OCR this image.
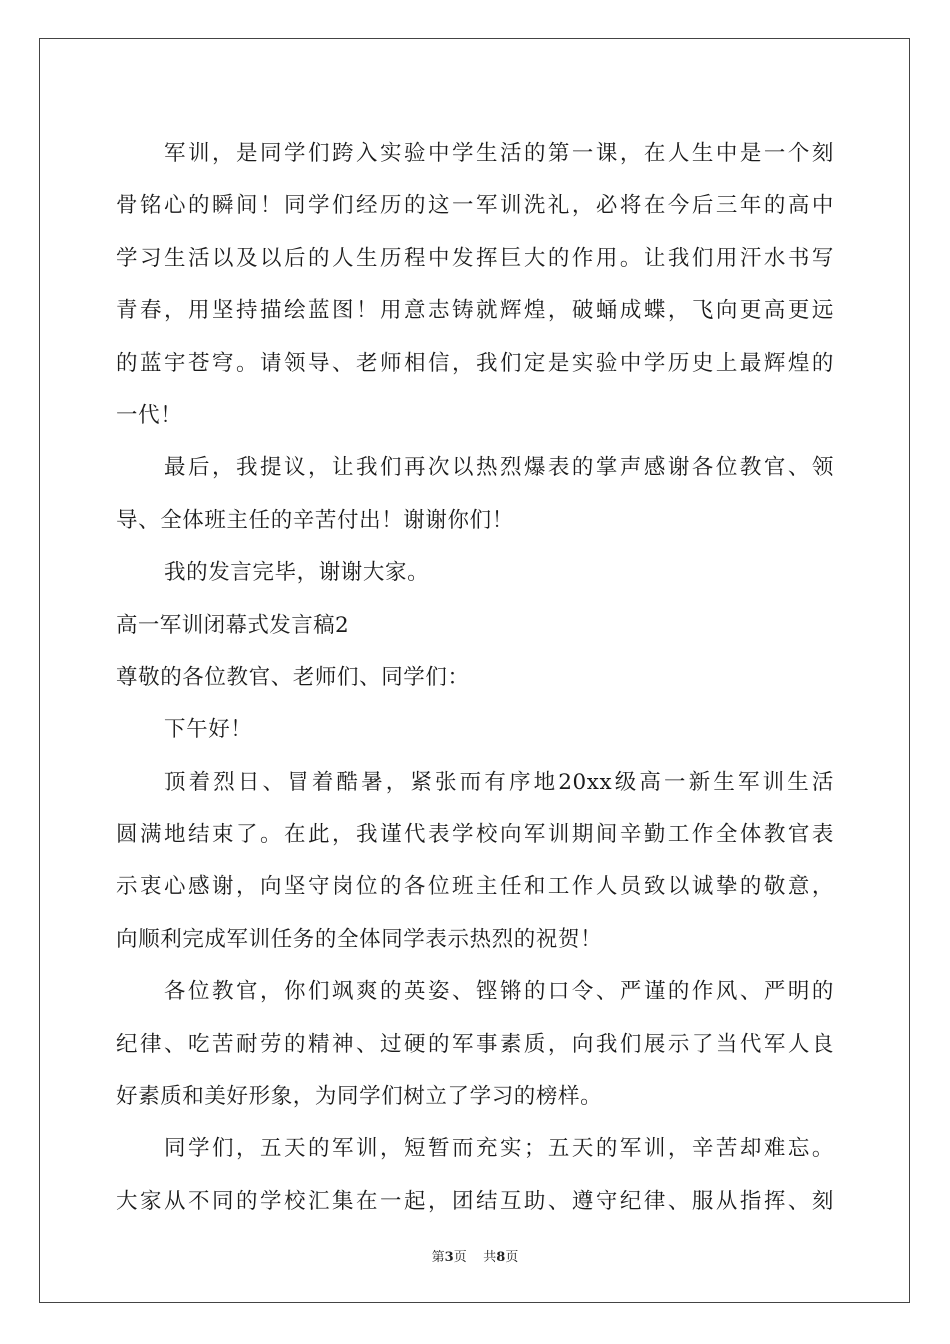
军训，是同学们跨入实验中学生活的第一课，在人生中是一个刻
骨铭心的瞬间！同学们经历的这一军训洗礼，必将在今后三年的高中
学习生活以及以后的人生历程中发挥巨大的作用。让我们用汗水书写
青春，用坚持描绘蓝图！用意志铸就辉煌，破蛹成蝶，飞向更高更远
的蓝宇苍穹。请领导、老师相信，我们定是实验中学历史上最辉煌的
一代！
最后，我提议，让我们再次以热烈爆表的掌声感谢各位教官、领
导、全体班主任的辛苦付出！谢谢你们！
我的发言完毕，谢谢大家。
高一军训闭幕式发言稿2
尊敬的各位教官、老师们、同学们：
下午好！
顶着烈日、冒着酷暑，紧张而有序地20xx级高一新生军训生活
圆满地结束了。在此，我谨代表学校向军训期间辛勤工作全体教官表
示衷心感谢，向坚守岗位的各位班主任和工作人员致以诚挚的敬意，
向顺利完成军训任务的全体同学表示热烈的祝贺！
各位教官，你们飒爽的英姿、铿锵的口令、严谨的作风、严明的
纪律、吃苦耐劳的精神、过硬的军事素质，向我们展示了当代军人良
好素质和美好形象，为同学们树立了学习的榜样。
同学们，五天的军训，短暂而充实；五天的军训，辛苦却难忘。
大家从不同的学校汇集在一起，团结互助、遵守纪律、服从指挥、刻
第3页 共8页
